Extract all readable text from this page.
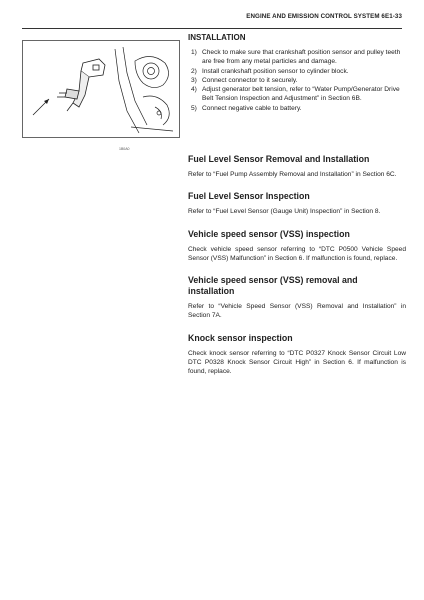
ENGINE AND EMISSION CONTROL SYSTEM 6E1-33
1B0A0
INSTALLATION
1) Check to make sure that crankshaft position sensor and pulley teeth are free from any metal particles and damage.
2) Install crankshaft position sensor to cylinder block.
3) Connect connector to it securely.
4) Adjust generator belt tension, refer to “Water Pump/Generator Drive Belt Tension Inspection and Adjustment” in Section 6B.
5) Connect negative cable to battery.
Fuel Level Sensor Removal and Installation

Refer to “Fuel Pump Assembly Removal and Installation” in Section 6C.

Fuel Level Sensor Inspection

Refer to “Fuel Level Sensor (Gauge Unit) Inspection” in Section 8.

Vehicle speed sensor (VSS) inspection

Check vehicle speed sensor referring to “DTC P0500 Vehicle Speed Sensor (VSS) Malfunction” in Section 6. If malfunction is found, replace.

Vehicle speed sensor (VSS) removal and installation

Refer to “Vehicle Speed Sensor (VSS) Removal and Installation” in Section 7A.

Knock sensor inspection

Check knock sensor referring to “DTC P0327 Knock Sensor Circuit Low DTC P0328 Knock Sensor Circuit High” in Section 6. If malfunction is found, replace.
